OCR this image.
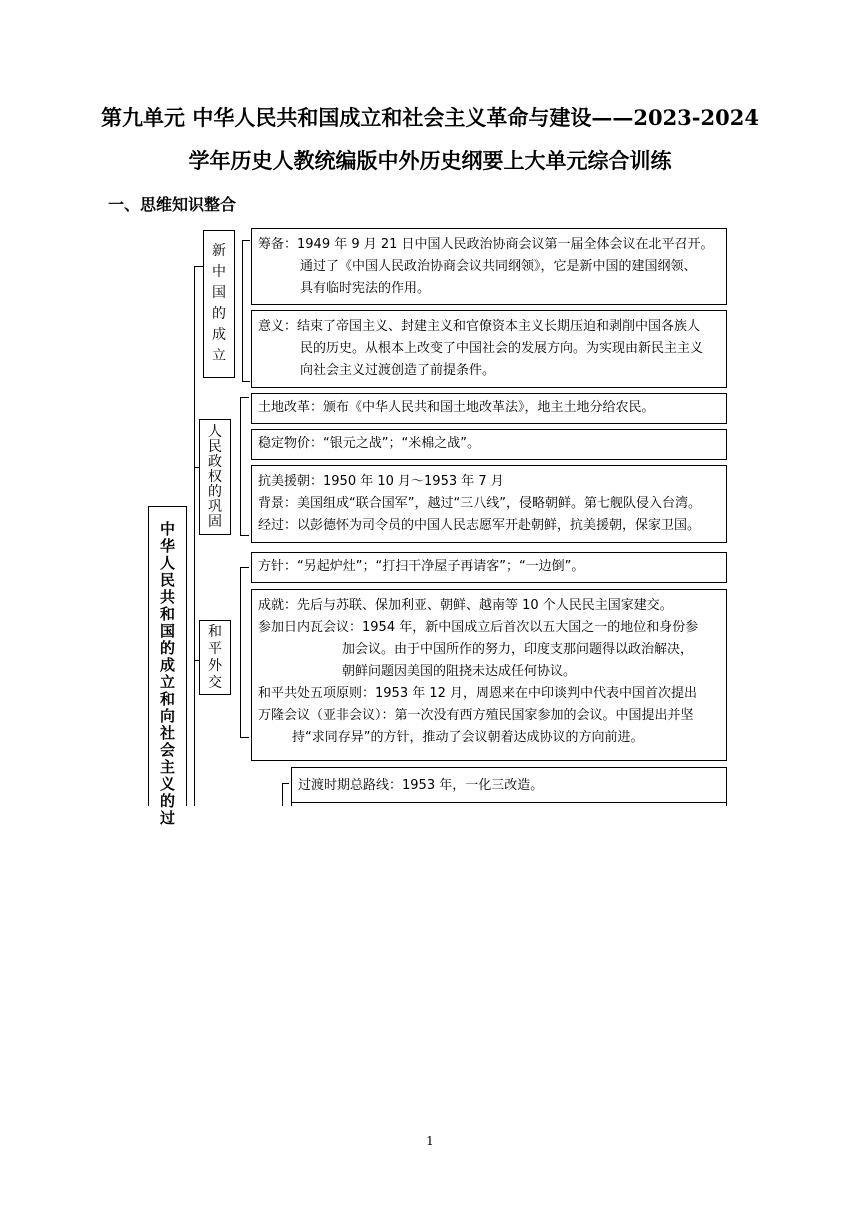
第九单元 中华人民共和国成立和社会主义革命与建设——2023-2024
学年历史人教统编版中外历史纲要上大单元综合训练
一、思维知识整合
中
华
人
民
共
和
国
的
成
立
和
向
社
会
主
义
的
过
新
中
国
的
成
立
筹备：1949 年 9 月 21 日中国人民政治协商会议第一届全体会议在北平召开。
通过了《中国人民政治协商会议共同纲领》，它是新中国的建国纲领、
具有临时宪法的作用。
意义：结束了帝国主义、封建主义和官僚资本主义长期压迫和剥削中国各族人
民的历史。从根本上改变了中国社会的发展方向。为实现由新民主主义
向社会主义过渡创造了前提条件。
人
民
政
权
的
巩
固
土地改革：颁布《中华人民共和国土地改革法》，地主土地分给农民。
稳定物价：“银元之战”；“米棉之战”。
抗美援朝：1950 年 10 月～1953 年 7 月
背景：美国组成“联合国军”，越过“三八线”，侵略朝鲜。第七舰队侵入台湾。
经过：以彭德怀为司令员的中国人民志愿军开赴朝鲜，抗美援朝，保家卫国。
和
平
外
交
方针：“另起炉灶”；“打扫干净屋子再请客”；“一边倒”。
成就：先后与苏联、保加利亚、朝鲜、越南等 10 个人民民主国家建交。
参加日内瓦会议：1954 年，新中国成立后首次以五大国之一的地位和身份参
加会议。由于中国所作的努力，印度支那问题得以政治解决，
朝鲜问题因美国的阻挠未达成任何协议。
和平共处五项原则：1953 年 12 月，周恩来在中印谈判中代表中国首次提出
万隆会议（亚非会议）：第一次没有西方殖民国家参加的会议。中国提出并坚
持“求同存异”的方针，推动了会议朝着达成协议的方向前进。
过渡时期总路线：1953 年，一化三改造。
1
